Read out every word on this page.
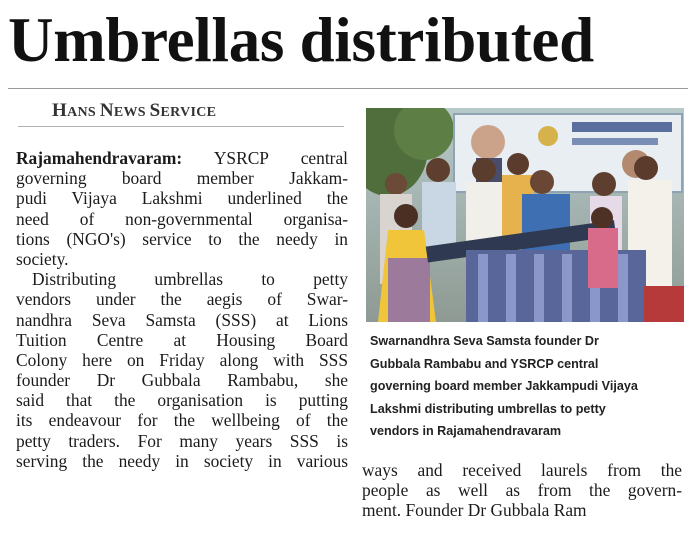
Umbrellas distributed
HANS NEWS SERVICE
Rajamahendravaram: YSRCP central
governing board member Jakkam-
pudi Vijaya Lakshmi underlined the
need of non-governmental organisa-
tions (NGO's) service to the needy in
society.
Distributing umbrellas to petty
vendors under the aegis of Swar-
nandhra Seva Samsta (SSS) at Lions
Tuition Centre at Housing Board
Colony here on Friday along with SSS
founder Dr Gubbala Rambabu, she
said that the organisation is putting
its endeavour for the wellbeing of the
petty traders. For many years SSS is
serving the needy in society in various
Swarnandhra Seva Samsta founder Dr
Gubbala Rambabu and YSRCP central
governing board member Jakkampudi Vijaya
Lakshmi distributing umbrellas to petty
vendors in Rajamahendravaram
ways and received laurels from the
people as well as from the govern-
ment. Founder Dr Gubbala Ram
